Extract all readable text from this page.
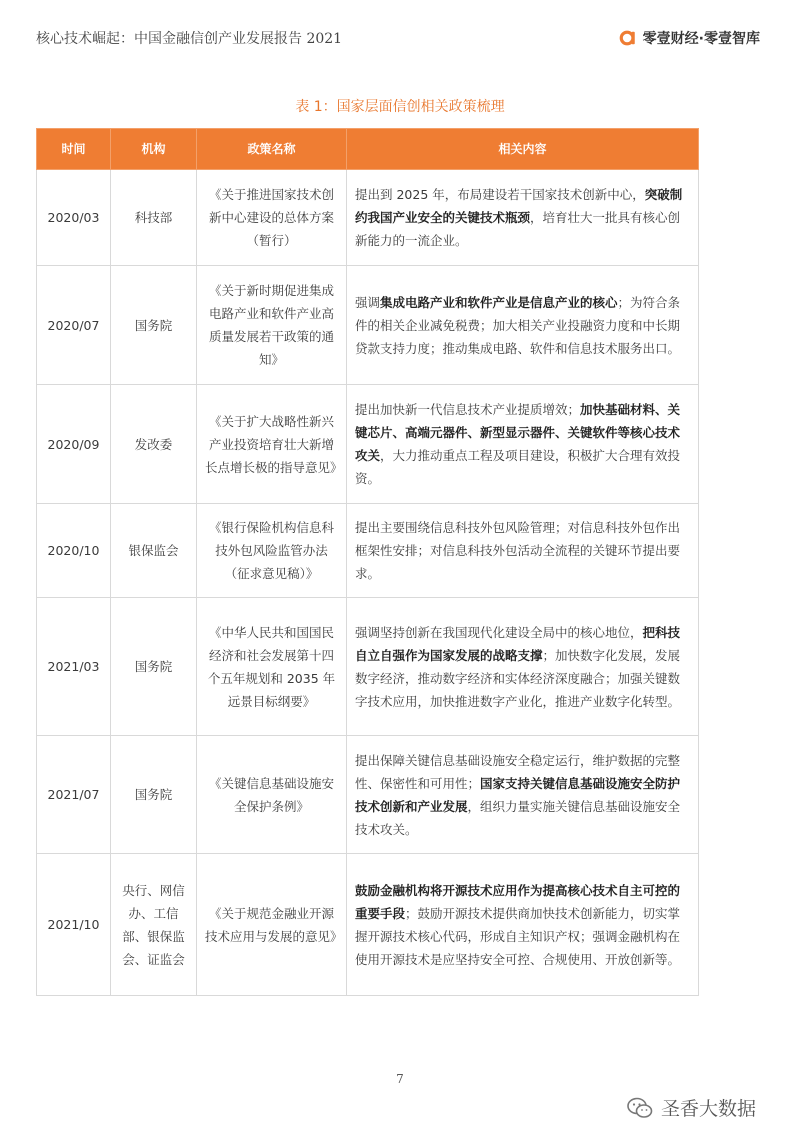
核心技术崛起：中国金融信创产业发展报告 2021	零壹财经·零壹智库
表 1：国家层面信创相关政策梳理
时间	机构	政策名称	相关内容
2020/03	科技部	《关于推进国家技术创新中心建设的总体方案（暂行）	提出到 2025 年，布局建设若干国家技术创新中心，突破制约我国产业安全的关键技术瓶颈，培育壮大一批具有核心创新能力的一流企业。
2020/07	国务院	《关于新时期促进集成电路产业和软件产业高质量发展若干政策的通知》	强调集成电路产业和软件产业是信息产业的核心；为符合条件的相关企业减免税费；加大相关产业投融资力度和中长期贷款支持力度；推动集成电路、软件和信息技术服务出口。
2020/09	发改委	《关于扩大战略性新兴产业投资培育壮大新增长点增长极的指导意见》	提出加快新一代信息技术产业提质增效；加快基础材料、关键芯片、高端元器件、新型显示器件、关键软件等核心技术攻关，大力推动重点工程及项目建设，积极扩大合理有效投资。
2020/10	银保监会	《银行保险机构信息科技外包风险监管办法（征求意见稿）》	提出主要围绕信息科技外包风险管理；对信息科技外包作出框架性安排；对信息科技外包活动全流程的关键环节提出要求。
2021/03	国务院	《中华人民共和国国民经济和社会发展第十四个五年规划和 2035 年远景目标纲要》	强调坚持创新在我国现代化建设全局中的核心地位，把科技自立自强作为国家发展的战略支撑；加快数字化发展，发展数字经济，推动数字经济和实体经济深度融合；加强关键数字技术应用，加快推进数字产业化，推进产业数字化转型。
2021/07	国务院	《关键信息基础设施安全保护条例》	提出保障关键信息基础设施安全稳定运行，维护数据的完整性、保密性和可用性；国家支持关键信息基础设施安全防护技术创新和产业发展，组织力量实施关键信息基础设施安全技术攻关。
2021/10	央行、网信办、工信部、银保监会、证监会	《关于规范金融业开源技术应用与发展的意见》	鼓励金融机构将开源技术应用作为提高核心技术自主可控的重要手段；鼓励开源技术提供商加快技术创新能力，切实掌握开源技术核心代码，形成自主知识产权；强调金融机构在使用开源技术是应坚持安全可控、合规使用、开放创新等。
7
圣香大数据
